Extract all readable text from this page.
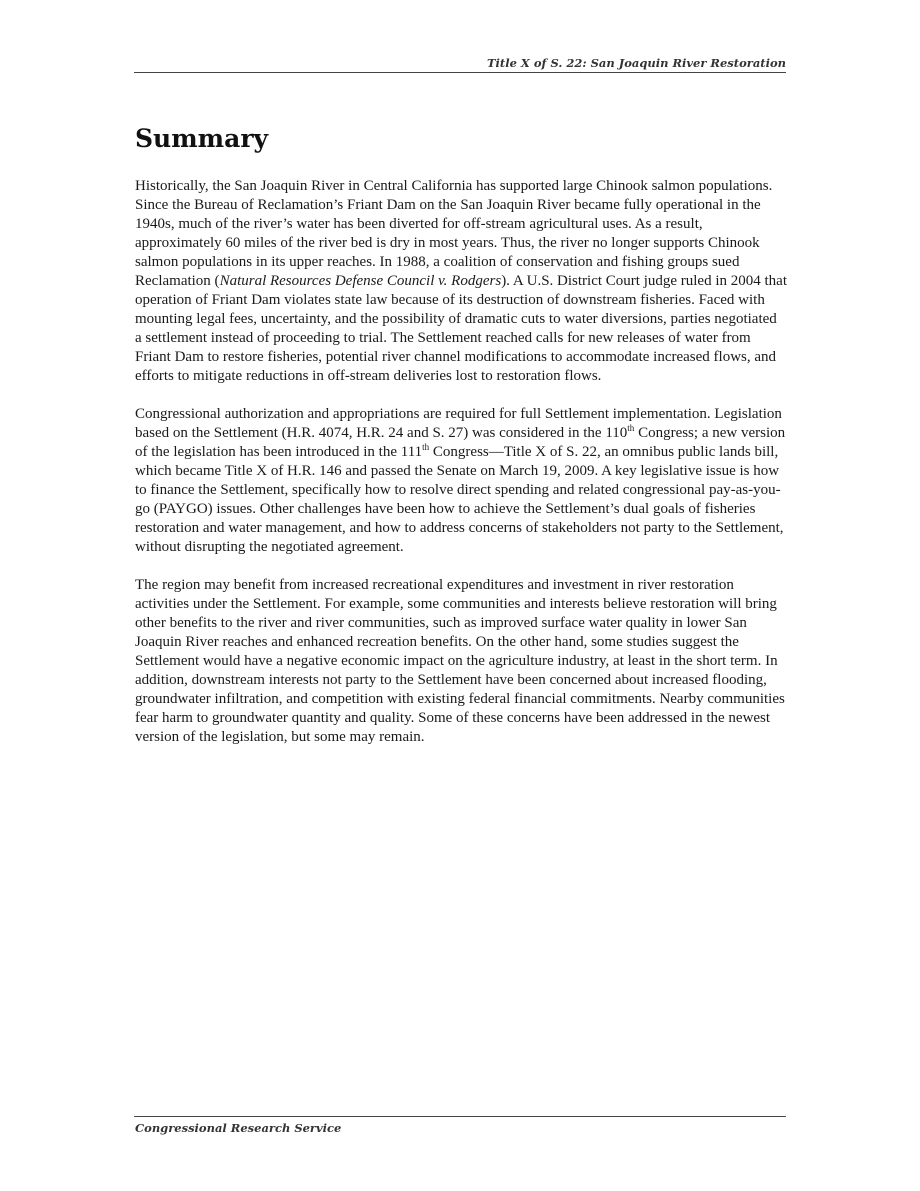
Title X of S. 22: San Joaquin River Restoration
Summary

Historically, the San Joaquin River in Central California has supported large Chinook salmon populations. Since the Bureau of Reclamation’s Friant Dam on the San Joaquin River became fully operational in the 1940s, much of the river’s water has been diverted for off-stream agricultural uses. As a result, approximately 60 miles of the river bed is dry in most years. Thus, the river no longer supports Chinook salmon populations in its upper reaches. In 1988, a coalition of conservation and fishing groups sued Reclamation (Natural Resources Defense Council v. Rodgers). A U.S. District Court judge ruled in 2004 that operation of Friant Dam violates state law because of its destruction of downstream fisheries. Faced with mounting legal fees, uncertainty, and the possibility of dramatic cuts to water diversions, parties negotiated a settlement instead of proceeding to trial. The Settlement reached calls for new releases of water from Friant Dam to restore fisheries, potential river channel modifications to accommodate increased flows, and efforts to mitigate reductions in off-stream deliveries lost to restoration flows.

Congressional authorization and appropriations are required for full Settlement implementation. Legislation based on the Settlement (H.R. 4074, H.R. 24 and S. 27) was considered in the 110th Congress; a new version of the legislation has been introduced in the 111th Congress—Title X of S. 22, an omnibus public lands bill, which became Title X of H.R. 146 and passed the Senate on March 19, 2009. A key legislative issue is how to finance the Settlement, specifically how to resolve direct spending and related congressional pay-as-you-go (PAYGO) issues. Other challenges have been how to achieve the Settlement’s dual goals of fisheries restoration and water management, and how to address concerns of stakeholders not party to the Settlement, without disrupting the negotiated agreement.

The region may benefit from increased recreational expenditures and investment in river restoration activities under the Settlement. For example, some communities and interests believe restoration will bring other benefits to the river and river communities, such as improved surface water quality in lower San Joaquin River reaches and enhanced recreation benefits. On the other hand, some studies suggest the Settlement would have a negative economic impact on the agriculture industry, at least in the short term. In addition, downstream interests not party to the Settlement have been concerned about increased flooding, groundwater infiltration, and competition with existing federal financial commitments. Nearby communities fear harm to groundwater quantity and quality. Some of these concerns have been addressed in the newest version of the legislation, but some may remain.

Congressional Research Service
